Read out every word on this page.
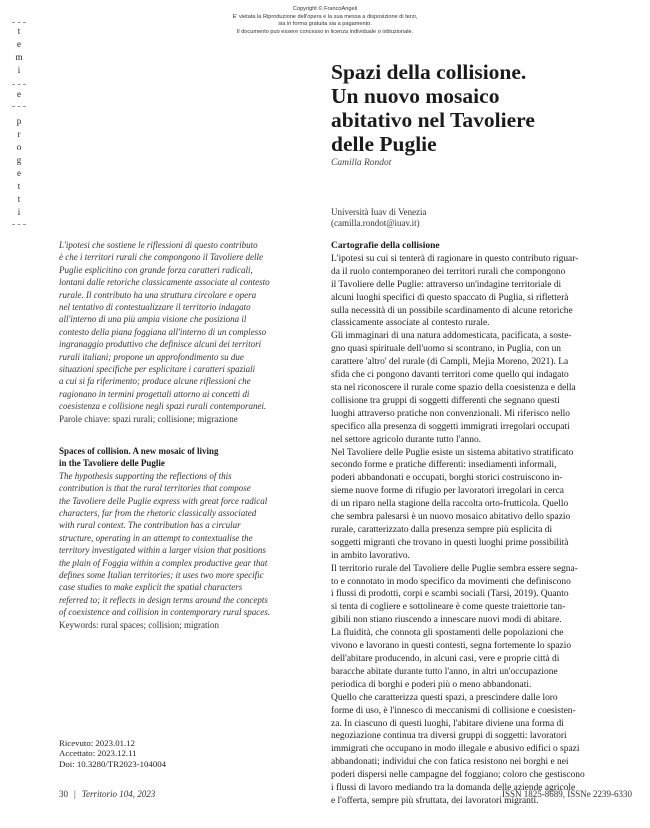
Copyright © FrancoAngeli
E' vietata la Riproduzione dell'opera e la sua messa a disposizione di terzi,
sia in forma gratuita sia a pagamento.
Il documento può essere concesso in licenza individuale o istituzionale.
t
e
m
i
e
p
r
o
g
e
t
t
i
Spazi della collisione.
Un nuovo mosaico
abitativo nel Tavoliere
delle Puglie
Camilla Rondot
Università Iuav di Venezia
(camilla.rondot@iuav.it)
L'ipotesi che sostiene le riflessioni di questo contributo
è che i territori rurali che compongono il Tavoliere delle
Puglie esplicitino con grande forza caratteri radicali,
lontani dalle retoriche classicamente associate al contesto
rurale. Il contributo ha una struttura circolare e opera
nel tentativo di contestualizzare il territorio indagato
all'interno di una più ampia visione che posiziona il
contesto della piana foggiana all'interno di un complesso
ingranaggio produttivo che definisce alcuni dei territori
rurali italiani; propone un approfondimento su due
situazioni specifiche per esplicitare i caratteri spaziali
a cui si fa riferimento; produce alcune riflessioni che
ragionano in termini progettali attorno ai concetti di
coesistenza e collisione negli spazi rurali contemporanei.
Parole chiave: spazi rurali; collisione; migrazione
Spaces of collision. A new mosaic of living
in the Tavoliere delle Puglie
The hypothesis supporting the reflections of this
contribution is that the rural territories that compose
the Tavoliere delle Puglie express with great force radical
characters, far from the rhetoric classically associated
with rural context. The contribution has a circular
structure, operating in an attempt to contextualise the
territory investigated within a larger vision that positions
the plain of Foggia within a complex productive gear that
defines some Italian territories; it uses two more specific
case studies to make explicit the spatial characters
referred to; it reflects in design terms around the concepts
of coexistence and collision in contemporary rural spaces.
Keywords: rural spaces; collision; migration
Ricevuto: 2023.01.12
Accettato: 2023.12.11
Doi: 10.3280/TR2023-104004
Cartografie della collisione
L'ipotesi su cui si tenterà di ragionare in questo contributo riguar-
da il ruolo contemporaneo dei territori rurali che compongono
il Tavoliere delle Puglie: attraverso un'indagine territoriale di
alcuni luoghi specifici di questo spaccato di Puglia, si rifletterà
sulla necessità di un possibile scardinamento di alcune retoriche
classicamente associate al contesto rurale.
Gli immaginari di una natura addomesticata, pacificata, a soste-
gno quasi spirituale dell'uomo si scontrano, in Puglia, con un
carattere 'altro' del rurale (di Campli, Mejia Moreno, 2021). La
sfida che ci pongono davanti territori come quello qui indagato
sta nel riconoscere il rurale come spazio della coesistenza e della
collisione tra gruppi di soggetti differenti che segnano questi
luoghi attraverso pratiche non convenzionali. Mi riferisco nello
specifico alla presenza di soggetti immigrati irregolari occupati
nel settore agricolo durante tutto l'anno.
Nel Tavoliere delle Puglie esiste un sistema abitativo stratificato
secondo forme e pratiche differenti: insediamenti informali,
poderi abbandonati e occupati, borghi storici costruiscono in-
sieme nuove forme di rifugio per lavoratori irregolari in cerca
di un riparo nella stagione della raccolta orto-frutticola. Quello
che sembra palesarsi è un nuovo mosaico abitativo dello spazio
rurale, caratterizzato dalla presenza sempre più esplicita di
soggetti migranti che trovano in questi luoghi prime possibilità
in ambito lavorativo.
Il territorio rurale del Tavoliere delle Puglie sembra essere segna-
to e connotato in modo specifico da movimenti che definiscono
i flussi di prodotti, corpi e scambi sociali (Tarsi, 2019). Quanto
si tenta di cogliere e sottolineare è come queste traiettorie tan-
gibili non stiano riuscendo a innescare nuovi modi di abitare.
La fluidità, che connota gli spostamenti delle popolazioni che
vivono e lavorano in questi contesti, segna fortemente lo spazio
dell'abitare producendo, in alcuni casi, vere e proprie città di
baracche abitate durante tutto l'anno, in altri un'occupazione
periodica di borghi e poderi più o meno abbandonati.
Quello che caratterizza questi spazi, a prescindere dalle loro
forme di uso, è l'innesco di meccanismi di collisione e coesisten-
za. In ciascuno di questi luoghi, l'abitare diviene una forma di
negoziazione continua tra diversi gruppi di soggetti: lavoratori
immigrati che occupano in modo illegale e abusivo edifici o spazi
abbandonati; individui che con fatica resistono nei borghi e nei
poderi dispersi nelle campagne del foggiano; coloro che gestiscono
i flussi di lavoro mediando tra la domanda delle aziende agricole
e l'offerta, sempre più sfruttata, dei lavoratori migranti.
30 | Territorio 104, 2023	ISSN 1825-8689, ISSNe 2239-6330
